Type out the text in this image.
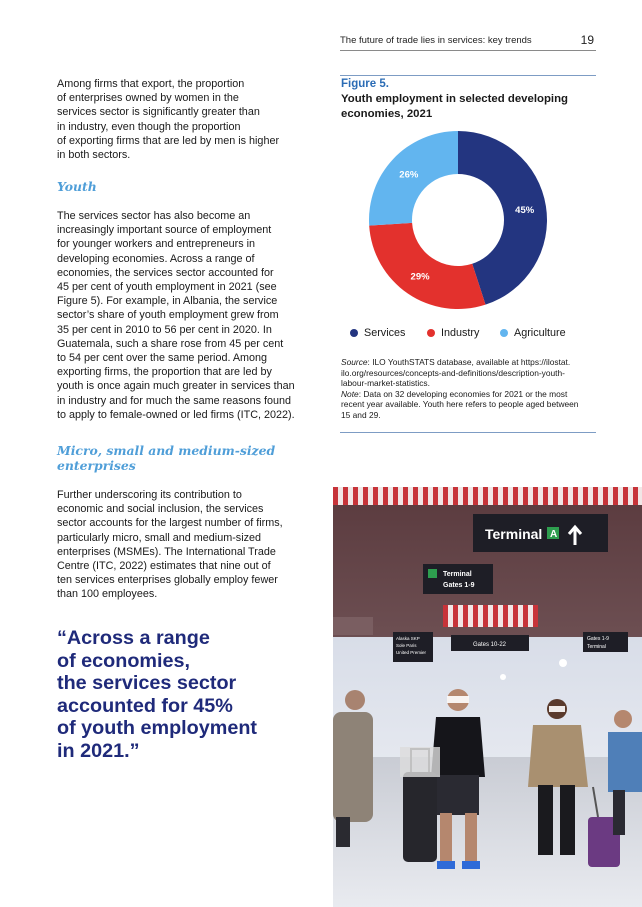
The future of trade lies in services: key trends	19
Among firms that export, the proportion
of enterprises owned by women in the
services sector is significantly greater than
in industry, even though the proportion
of exporting firms that are led by men is higher
in both sectors.
Youth
The services sector has also become an
increasingly important source of employment
for younger workers and entrepreneurs in
developing economies. Across a range of
economies, the services sector accounted for
45 per cent of youth employment in 2021 (see
Figure 5). For example, in Albania, the service
sector’s share of youth employment grew from
35 per cent in 2010 to 56 per cent in 2020. In
Guatemala, such a share rose from 45 per cent
to 54 per cent over the same period. Among
exporting firms, the proportion that are led by
youth is once again much greater in services than
in industry and for much the same reasons found
to apply to female-owned or led firms (ITC, 2022).
Micro, small and medium-sized
enterprises
Further underscoring its contribution to
economic and social inclusion, the services
sector accounts for the largest number of firms,
particularly micro, small and medium-sized
enterprises (MSMEs). The International Trade
Centre (ITC, 2022) estimates that nine out of
ten services enterprises globally employ fewer
than 100 employees.
“Across a range
of economies,
the services sector
accounted for 45%
of youth employment
in 2021.”
Figure 5.
Youth employment in selected developing
economies, 2021
45%
29%
26%
Services	Industry	Agriculture
Source: ILO YouthSTATS database, available at https://ilostat.
ilo.org/resources/concepts-and-definitions/description-youth-
labour-market-statistics.
Note: Data on 32 developing economies for 2021 or the most
recent year available. Youth here refers to people aged between
15 and 29.
Terminal A
Terminal
Gates 1-9
Alaska SKP
Sole Paris
United Premier
Gates 10-22
Gates 1-9
Terminal
